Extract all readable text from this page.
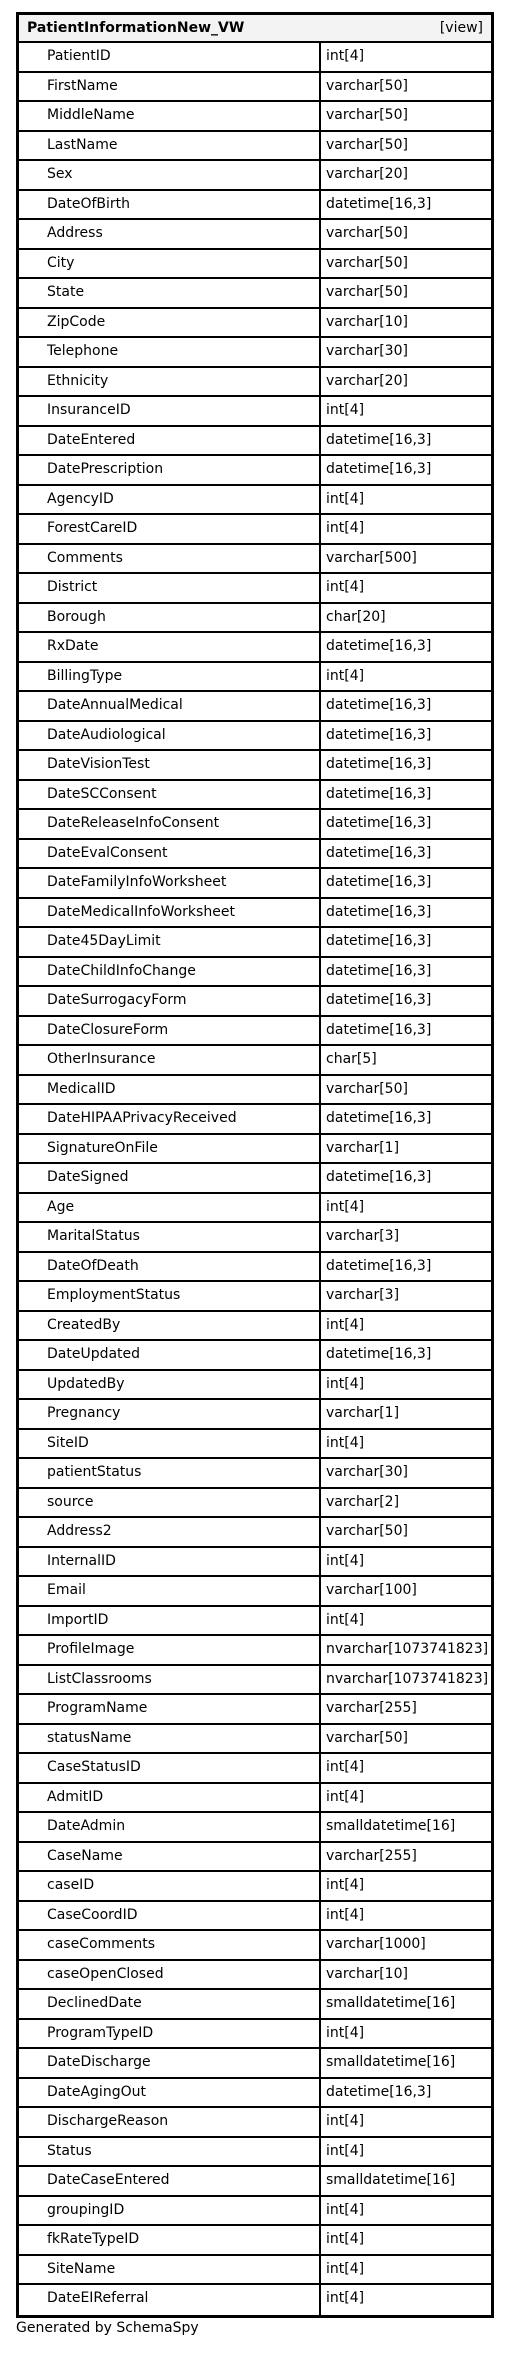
PatientInformationNew_VW	[view]
PatientID	int[4]
FirstName	varchar[50]
MiddleName	varchar[50]
LastName	varchar[50]
Sex	varchar[20]
DateOfBirth	datetime[16,3]
Address	varchar[50]
City	varchar[50]
State	varchar[50]
ZipCode	varchar[10]
Telephone	varchar[30]
Ethnicity	varchar[20]
InsuranceID	int[4]
DateEntered	datetime[16,3]
DatePrescription	datetime[16,3]
AgencyID	int[4]
ForestCareID	int[4]
Comments	varchar[500]
District	int[4]
Borough	char[20]
RxDate	datetime[16,3]
BillingType	int[4]
DateAnnualMedical	datetime[16,3]
DateAudiological	datetime[16,3]
DateVisionTest	datetime[16,3]
DateSCConsent	datetime[16,3]
DateReleaseInfoConsent	datetime[16,3]
DateEvalConsent	datetime[16,3]
DateFamilyInfoWorksheet	datetime[16,3]
DateMedicalInfoWorksheet	datetime[16,3]
Date45DayLimit	datetime[16,3]
DateChildInfoChange	datetime[16,3]
DateSurrogacyForm	datetime[16,3]
DateClosureForm	datetime[16,3]
OtherInsurance	char[5]
MedicalID	varchar[50]
DateHIPAAPrivacyReceived	datetime[16,3]
SignatureOnFile	varchar[1]
DateSigned	datetime[16,3]
Age	int[4]
MaritalStatus	varchar[3]
DateOfDeath	datetime[16,3]
EmploymentStatus	varchar[3]
CreatedBy	int[4]
DateUpdated	datetime[16,3]
UpdatedBy	int[4]
Pregnancy	varchar[1]
SiteID	int[4]
patientStatus	varchar[30]
source	varchar[2]
Address2	varchar[50]
InternalID	int[4]
Email	varchar[100]
ImportID	int[4]
ProfileImage	nvarchar[1073741823]
ListClassrooms	nvarchar[1073741823]
ProgramName	varchar[255]
statusName	varchar[50]
CaseStatusID	int[4]
AdmitID	int[4]
DateAdmin	smalldatetime[16]
CaseName	varchar[255]
caseID	int[4]
CaseCoordID	int[4]
caseComments	varchar[1000]
caseOpenClosed	varchar[10]
DeclinedDate	smalldatetime[16]
ProgramTypeID	int[4]
DateDischarge	smalldatetime[16]
DateAgingOut	datetime[16,3]
DischargeReason	int[4]
Status	int[4]
DateCaseEntered	smalldatetime[16]
groupingID	int[4]
fkRateTypeID	int[4]
SiteName	int[4]
DateEIReferral	int[4]
Generated by SchemaSpy
